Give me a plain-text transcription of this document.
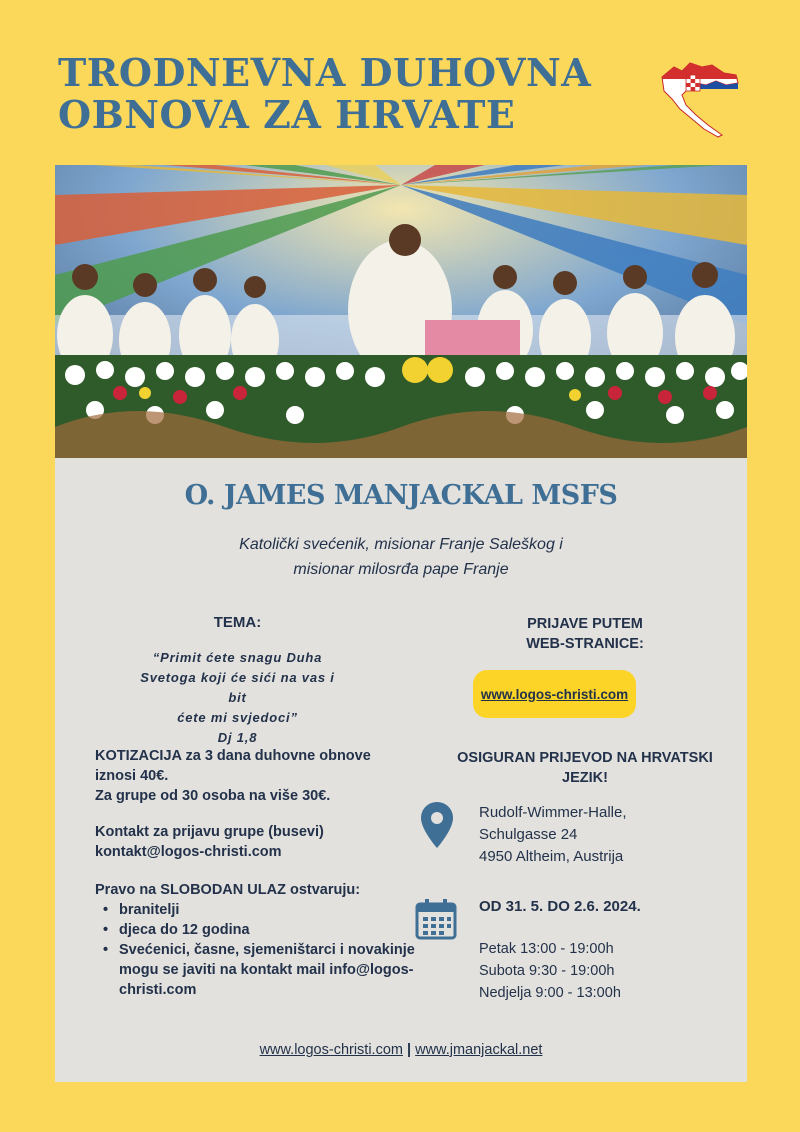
TRODNEVNA DUHOVNA
OBNOVA ZA HRVATE
O. JAMES MANJACKAL MSFS
Katolički svećenik, misionar Franje Saleškog i
misionar milosrđa pape Franje
TEMA:
“Primit ćete snagu Duha
Svetoga koji će sići na vas i bit
ćete mi svjedoci”
Dj 1,8
KOTIZACIJA za 3 dana duhovne obnove
iznosi 40€.
Za grupe od 30 osoba na više 30€.
Kontakt za prijavu grupe (busevi)
kontakt@logos-christi.com
Pravo na SLOBODAN ULAZ ostvaruju:
• branitelji
• djeca do 12 godina
• Svećenici, časne, sjemeništarci i novakinje mogu se javiti na kontakt mail info@logos-christi.com
PRIJAVE PUTEM
WEB-STRANICE:
www.logos-christi.com
OSIGURAN PRIJEVOD NA HRVATSKI
JEZIK!
Rudolf-Wimmer-Halle,
Schulgasse 24
4950 Altheim, Austrija
OD 31. 5. DO 2.6. 2024.
Petak 13:00 - 19:00h
Subota 9:30 - 19:00h
Nedjelja 9:00 - 13:00h
www.logos-christi.com | www.jmanjackal.net
